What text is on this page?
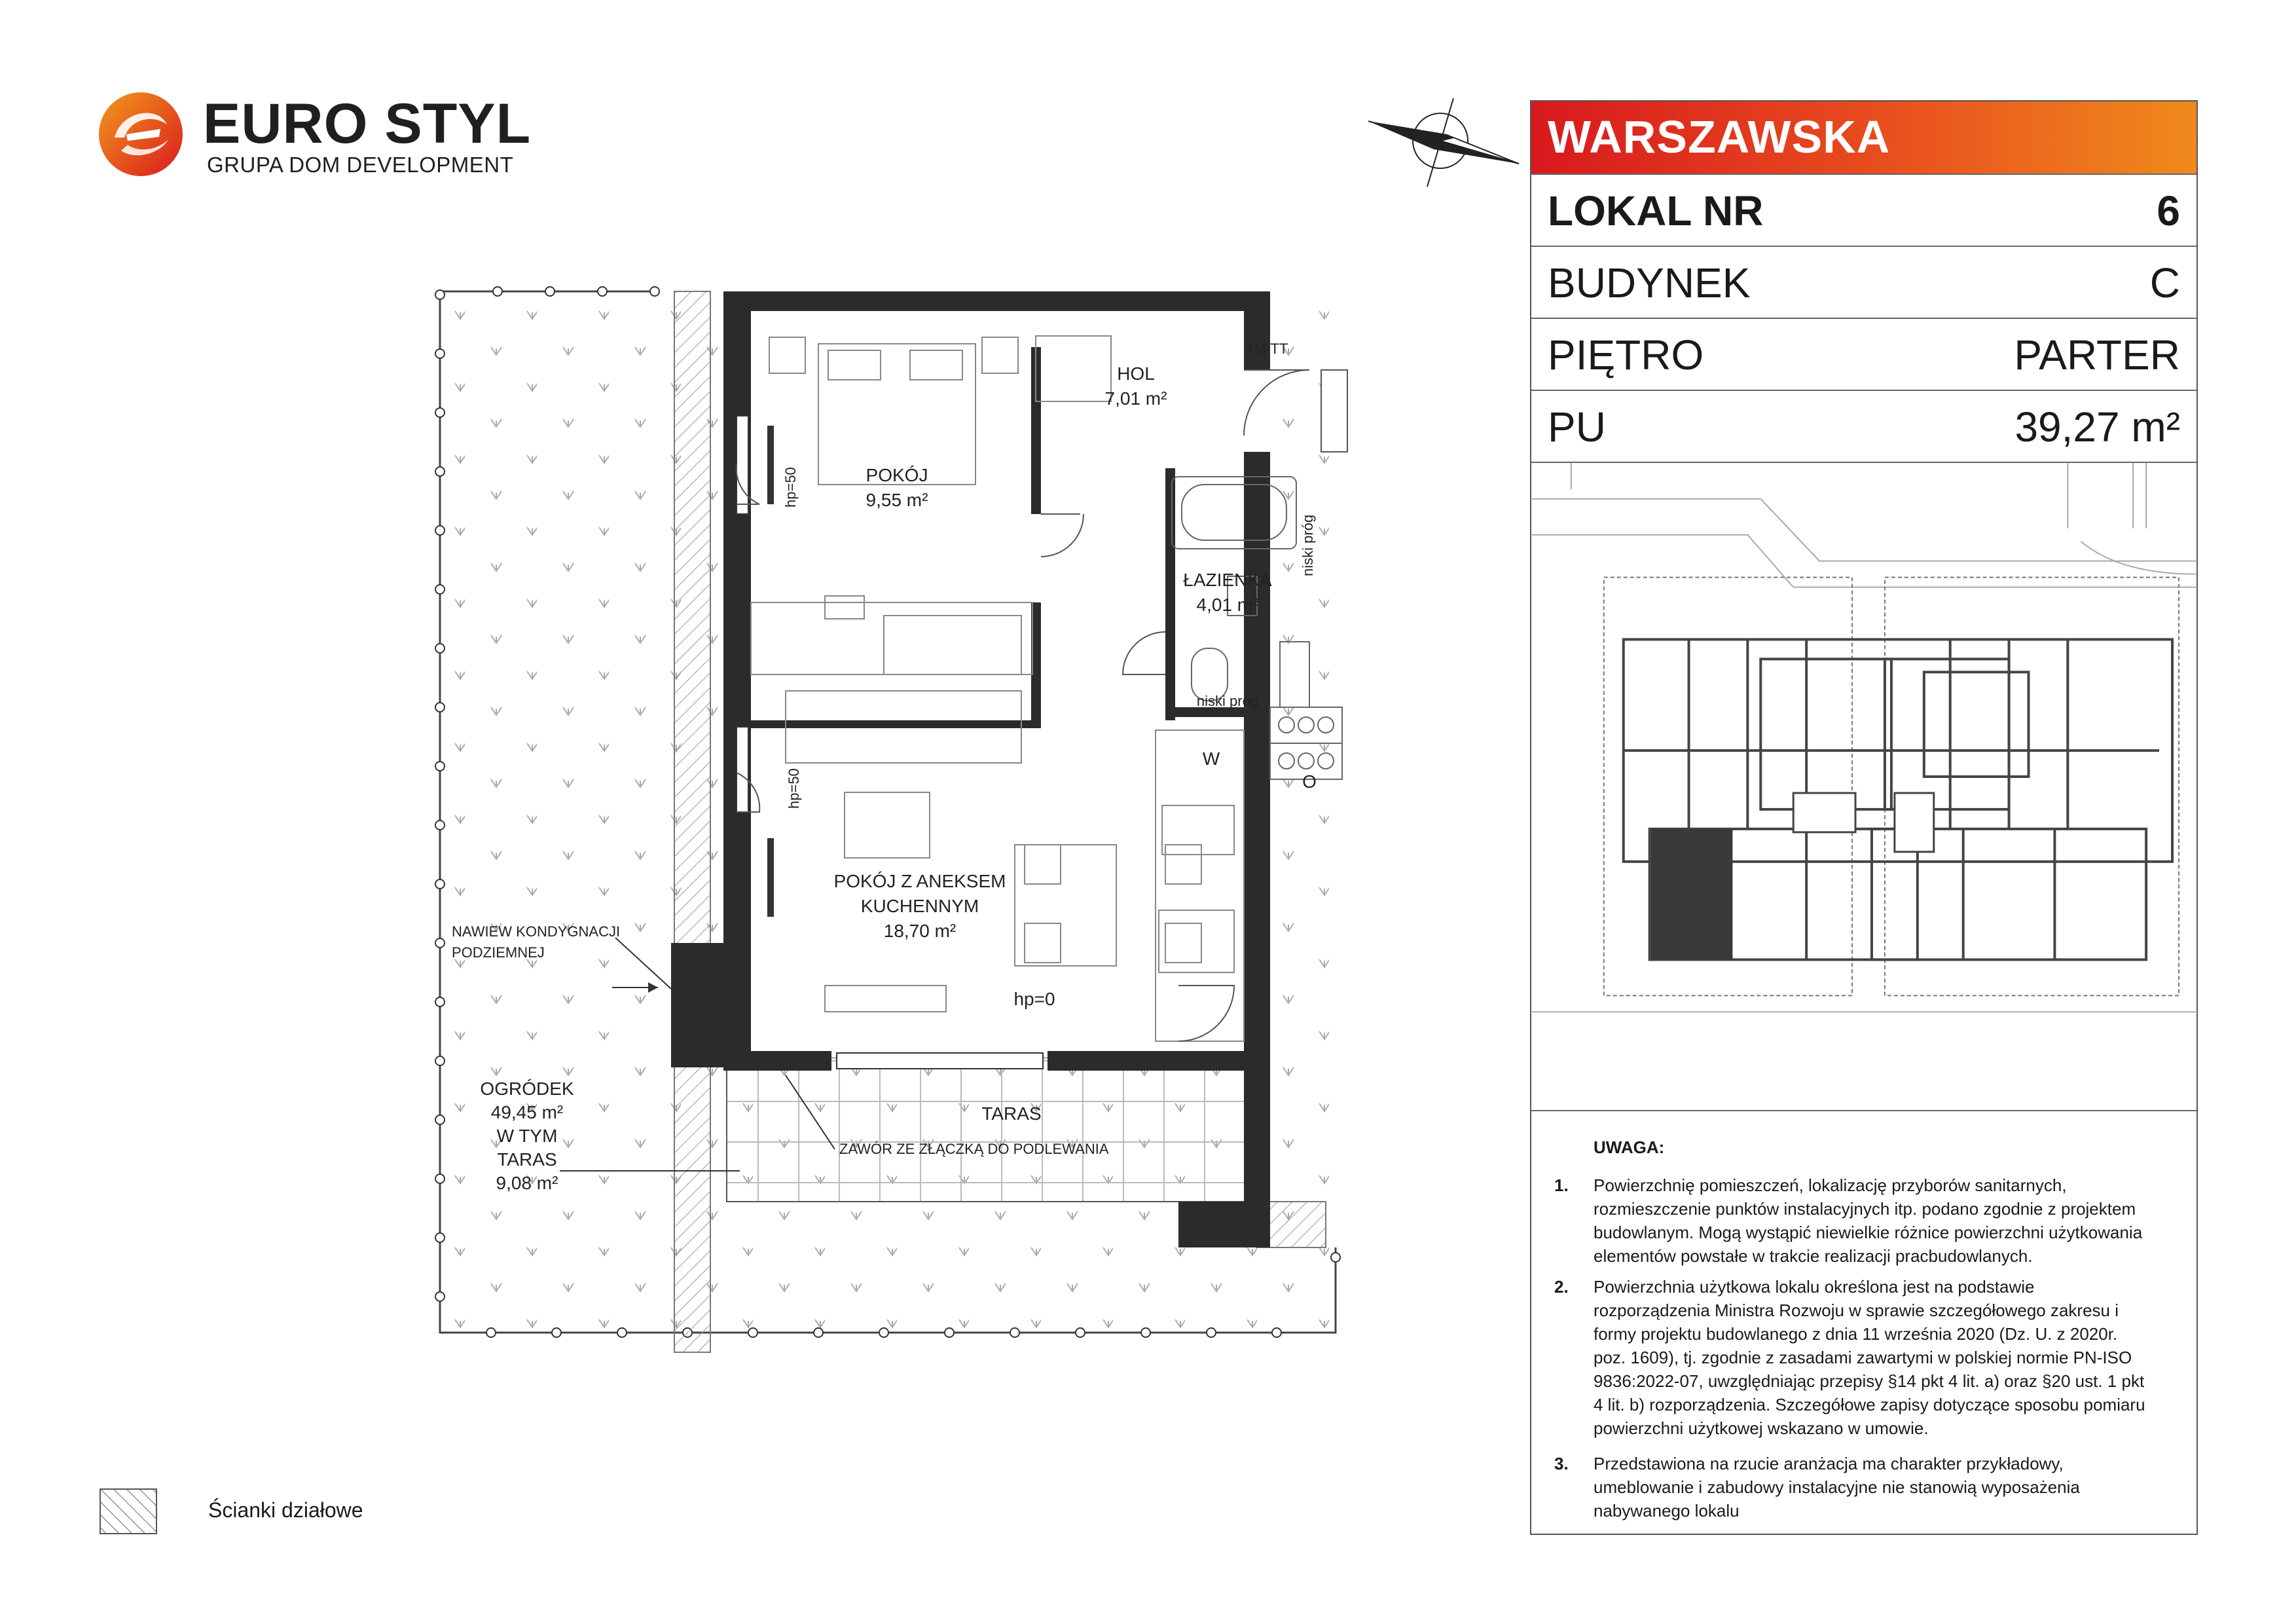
EURO STYL
GRUPA DOM DEVELOPMENT
HOL
7,01 m²
TM/TT
POKÓJ
9,55 m²
ŁAZIENKA
4,01 m²
POKÓJ Z ANEKSEM
KUCHENNYM
18,70 m²
TARAS
hp=50
hp=50
hp=0
niski próg
niski próg
W
O
NAWIEW KONDYGNACJI
PODZIEMNEJ
ZAWÓR ZE ZŁĄCZKĄ DO PODLEWANIA
OGRÓDEK
49,45 m²
W TYM
TARAS
9,08 m²
WARSZAWSKA
LOKAL NR	6
BUDYNEK	C
PIĘTRO	PARTER
PU	39,27 m²
UWAGA:
1. Powierzchnię pomieszczeń, lokalizację przyborów sanitarnych, rozmieszczenie punktów instalacyjnych itp. podano zgodnie z projektem budowlanym. Mogą wystąpić niewielkie różnice powierzchni użytkowania elementów powstałe w trakcie realizacji pracbudowlanych.
2. Powierzchnia użytkowa lokalu określona jest na podstawie rozporządzenia Ministra Rozwoju w sprawie szczegółowego zakresu i formy projektu budowlanego z dnia 11 września 2020 (Dz. U. z 2020r. poz. 1609), tj. zgodnie z zasadami zawartymi w polskiej normie PN-ISO 9836:2022-07, uwzględniając przepisy §14 pkt 4 lit. a) oraz §20 ust. 1 pkt 4 lit. b) rozporządzenia. Szczegółowe zapisy dotyczące sposobu pomiaru powierzchni użytkowej wskazano w umowie.
3. Przedstawiona na rzucie aranżacja ma charakter przykładowy, umeblowanie i zabudowy instalacyjne nie stanowią wyposażenia nabywanego lokalu
Ścianki działowe
